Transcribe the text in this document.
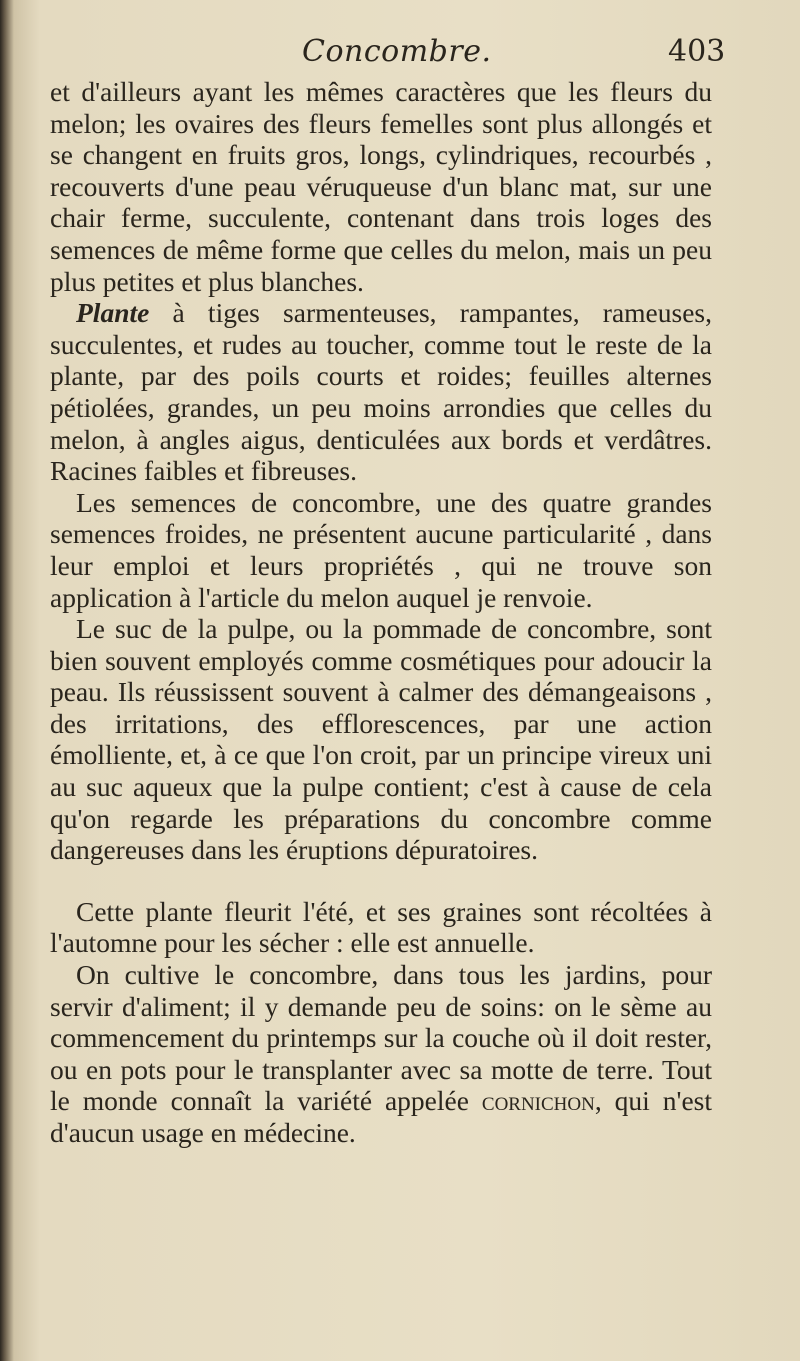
Concombre.	403

et d'ailleurs ayant les mêmes caractères que les fleurs du melon; les ovaires des fleurs femelles sont plus allongés et se changent en fruits gros, longs, cylindriques, recourbés , recouverts d'une peau véruqueuse d'un blanc mat, sur une chair ferme, succulente, contenant dans trois loges des semences de même forme que celles du melon, mais un peu plus petites et plus blanches.

Plante à tiges sarmenteuses, rampantes, rameuses, succulentes, et rudes au toucher, comme tout le reste de la plante, par des poils courts et roides; feuilles alternes pétiolées, grandes, un peu moins arrondies que celles du melon, à angles aigus, denticulées aux bords et verdâtres. Racines faibles et fibreuses.

Les semences de concombre, une des quatre grandes semences froides, ne présentent aucune particularité , dans leur emploi et leurs propriétés , qui ne trouve son application à l'article du melon auquel je renvoie.

Le suc de la pulpe, ou la pommade de concombre, sont bien souvent employés comme cosmétiques pour adoucir la peau. Ils réussissent souvent à calmer des démangeaisons , des irritations, des efflorescences, par une action émolliente, et, à ce que l'on croit, par un principe vireux uni au suc aqueux que la pulpe contient; c'est à cause de cela qu'on regarde les préparations du concombre comme dangereuses dans les éruptions dépuratoires.

Cette plante fleurit l'été, et ses graines sont récoltées à l'automne pour les sécher : elle est annuelle.

On cultive le concombre, dans tous les jardins, pour servir d'aliment; il y demande peu de soins: on le sème au commencement du printemps sur la couche où il doit rester, ou en pots pour le transplanter avec sa motte de terre. Tout le monde connaît la variété appelée cornichon, qui n'est d'aucun usage en médecine.
